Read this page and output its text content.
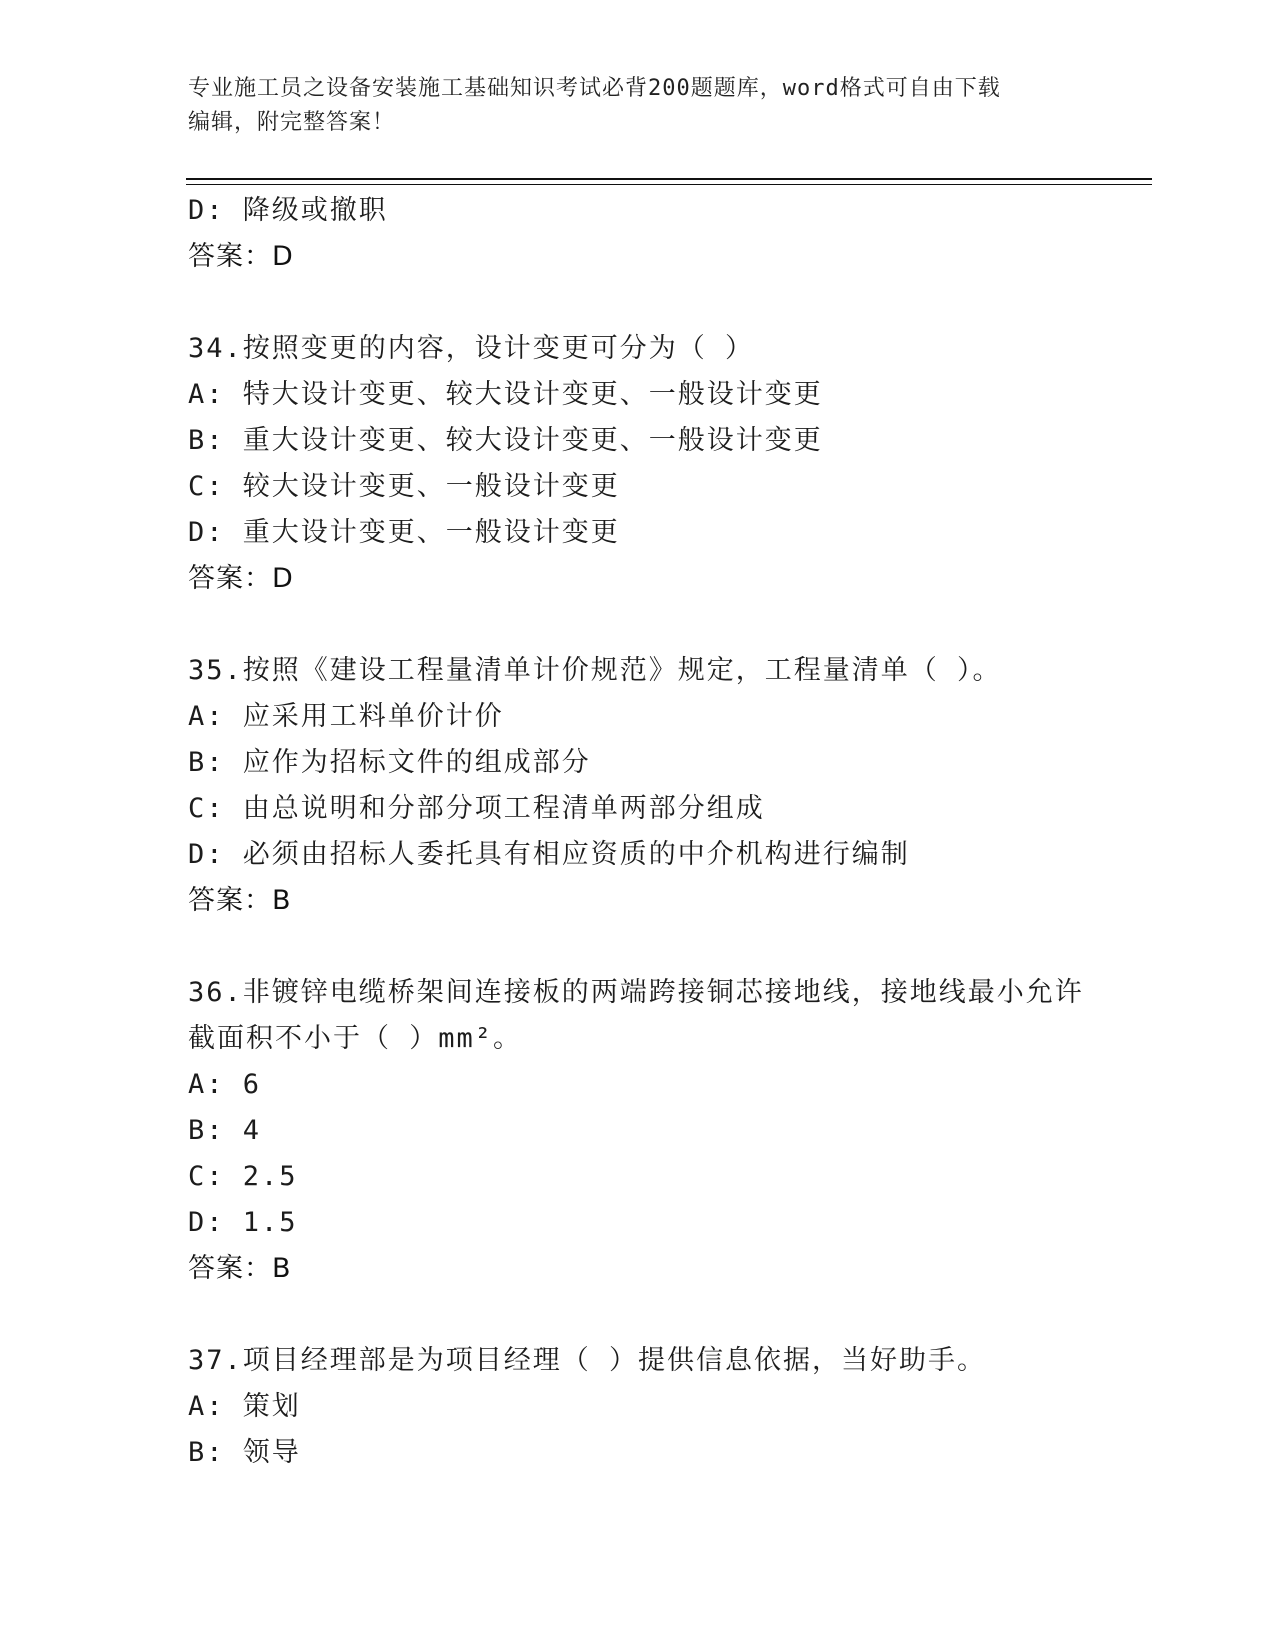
专业施工员之设备安装施工基础知识考试必背200题题库，word格式可自由下载
编辑，附完整答案！
D: 降级或撤职
答案：D
34.按照变更的内容，设计变更可分为（ ）
A: 特大设计变更、较大设计变更、一般设计变更
B: 重大设计变更、较大设计变更、一般设计变更
C: 较大设计变更、一般设计变更
D: 重大设计变更、一般设计变更
答案：D
35.按照《建设工程量清单计价规范》规定，工程量清单（ ）。
A: 应采用工料单价计价
B: 应作为招标文件的组成部分
C: 由总说明和分部分项工程清单两部分组成
D: 必须由招标人委托具有相应资质的中介机构进行编制
答案：B
36.非镀锌电缆桥架间连接板的两端跨接铜芯接地线，接地线最小允许
截面积不小于（ ）mm²。
A: 6
B: 4
C: 2.5
D: 1.5
答案：B
37.项目经理部是为项目经理（ ）提供信息依据，当好助手。
A: 策划
B: 领导
